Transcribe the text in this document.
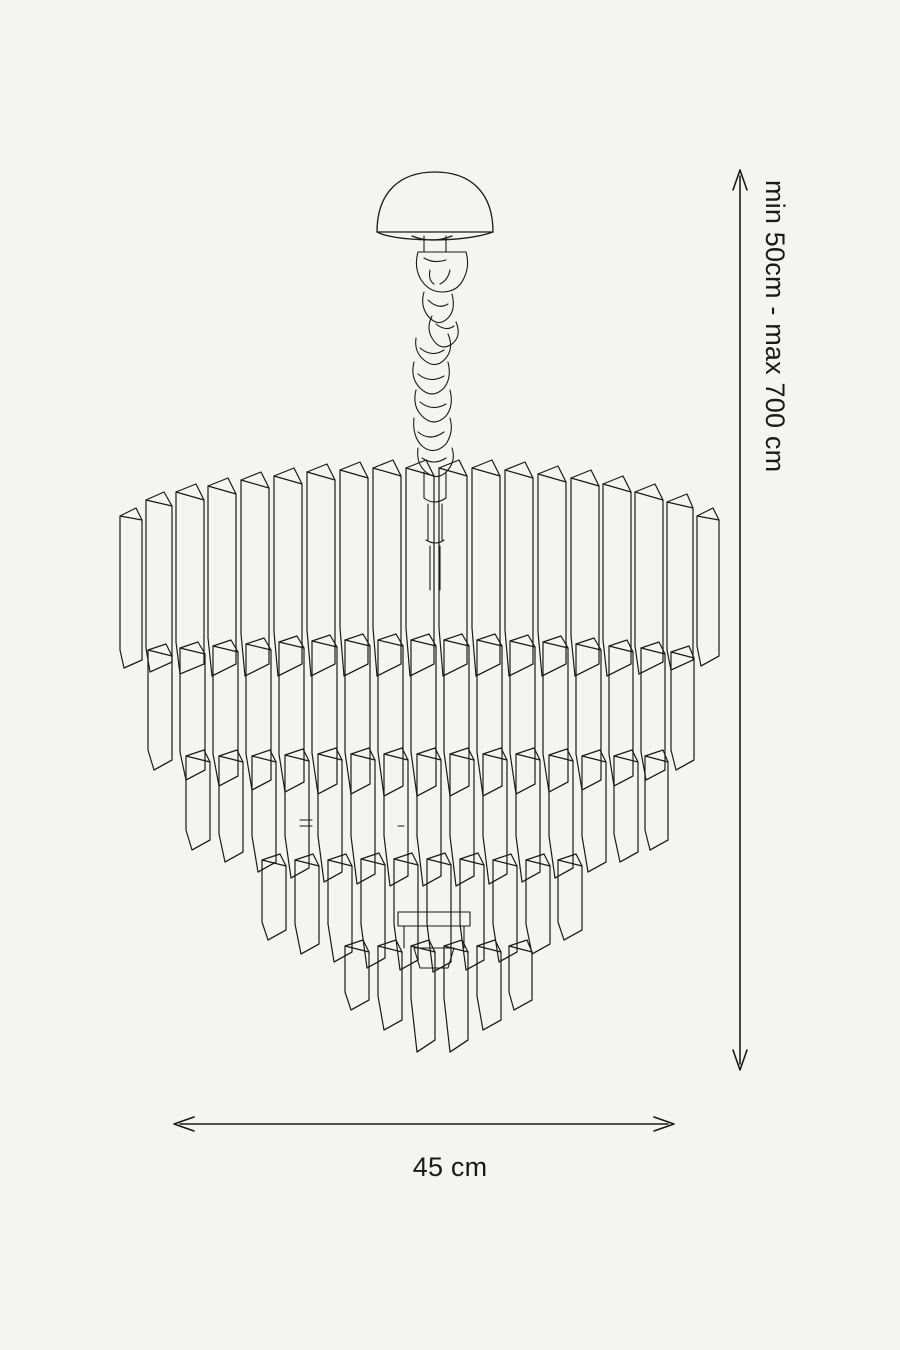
min 50cm - max 700 cm
45 cm
